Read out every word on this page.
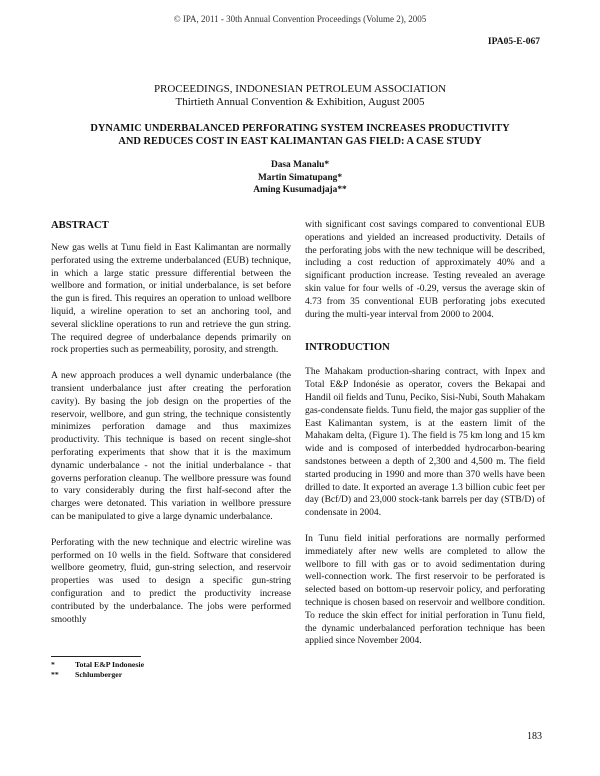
© IPA, 2011 - 30th Annual Convention Proceedings (Volume 2), 2005
IPA05-E-067
PROCEEDINGS, INDONESIAN PETROLEUM ASSOCIATION
Thirtieth Annual Convention & Exhibition, August 2005
DYNAMIC UNDERBALANCED PERFORATING SYSTEM INCREASES PRODUCTIVITY
AND REDUCES COST IN EAST KALIMANTAN GAS FIELD: A CASE STUDY
Dasa Manalu*
Martin Simatupang*
Aming Kusumadjaja**
ABSTRACT

New gas wells at Tunu field in East Kalimantan are normally perforated using the extreme underbalanced (EUB) technique, in which a large static pressure differential between the wellbore and formation, or initial underbalance, is set before the gun is fired. This requires an operation to unload wellbore liquid, a wireline operation to set an anchoring tool, and several slickline operations to run and retrieve the gun string. The required degree of underbalance depends primarily on rock properties such as permeability, porosity, and strength.

A new approach produces a well dynamic underbalance (the transient underbalance just after creating the perforation cavity). By basing the job design on the properties of the reservoir, wellbore, and gun string, the technique consistently minimizes perforation damage and thus maximizes productivity. This technique is based on recent single-shot perforating experiments that show that it is the maximum dynamic underbalance - not the initial underbalance - that governs perforation cleanup. The wellbore pressure was found to vary considerably during the first half-second after the charges were detonated. This variation in wellbore pressure can be manipulated to give a large dynamic underbalance.

Perforating with the new technique and electric wireline was performed on 10 wells in the field. Software that considered wellbore geometry, fluid, gun-string selection, and reservoir properties was used to design a specific gun-string configuration and to predict the productivity increase contributed by the underbalance. The jobs were performed smoothly

with significant cost savings compared to conventional EUB operations and yielded an increased productivity. Details of the perforating jobs with the new technique will be described, including a cost reduction of approximately 40% and a significant production increase. Testing revealed an average skin value for four wells of -0.29, versus the average skin of 4.73 from 35 conventional EUB perforating jobs executed during the multi-year interval from 2000 to 2004.

INTRODUCTION

The Mahakam production-sharing contract, with Inpex and Total E&P Indonésie as operator, covers the Bekapai and Handil oil fields and Tunu, Peciko, Sisi-Nubi, South Mahakam gas-condensate fields. Tunu field, the major gas supplier of the East Kalimantan system, is at the eastern limit of the Mahakam delta, (Figure 1). The field is 75 km long and 15 km wide and is composed of interbedded hydrocarbon-bearing sandstones between a depth of 2,300 and 4,500 m. The field started producing in 1990 and more than 370 wells have been drilled to date. It exported an average 1.3 billion cubic feet per day (Bcf/D) and 23,000 stock-tank barrels per day (STB/D) of condensate in 2004.

In Tunu field initial perforations are normally performed immediately after new wells are completed to allow the wellbore to fill with gas or to avoid sedimentation during well-connection work. The first reservoir to be perforated is selected based on bottom-up reservoir policy, and perforating technique is chosen based on reservoir and wellbore condition. To reduce the skin effect for initial perforation in Tunu field, the dynamic underbalanced perforation technique has been applied since November 2004.

*	Total E&P Indonesie
** Schlumberger
183
